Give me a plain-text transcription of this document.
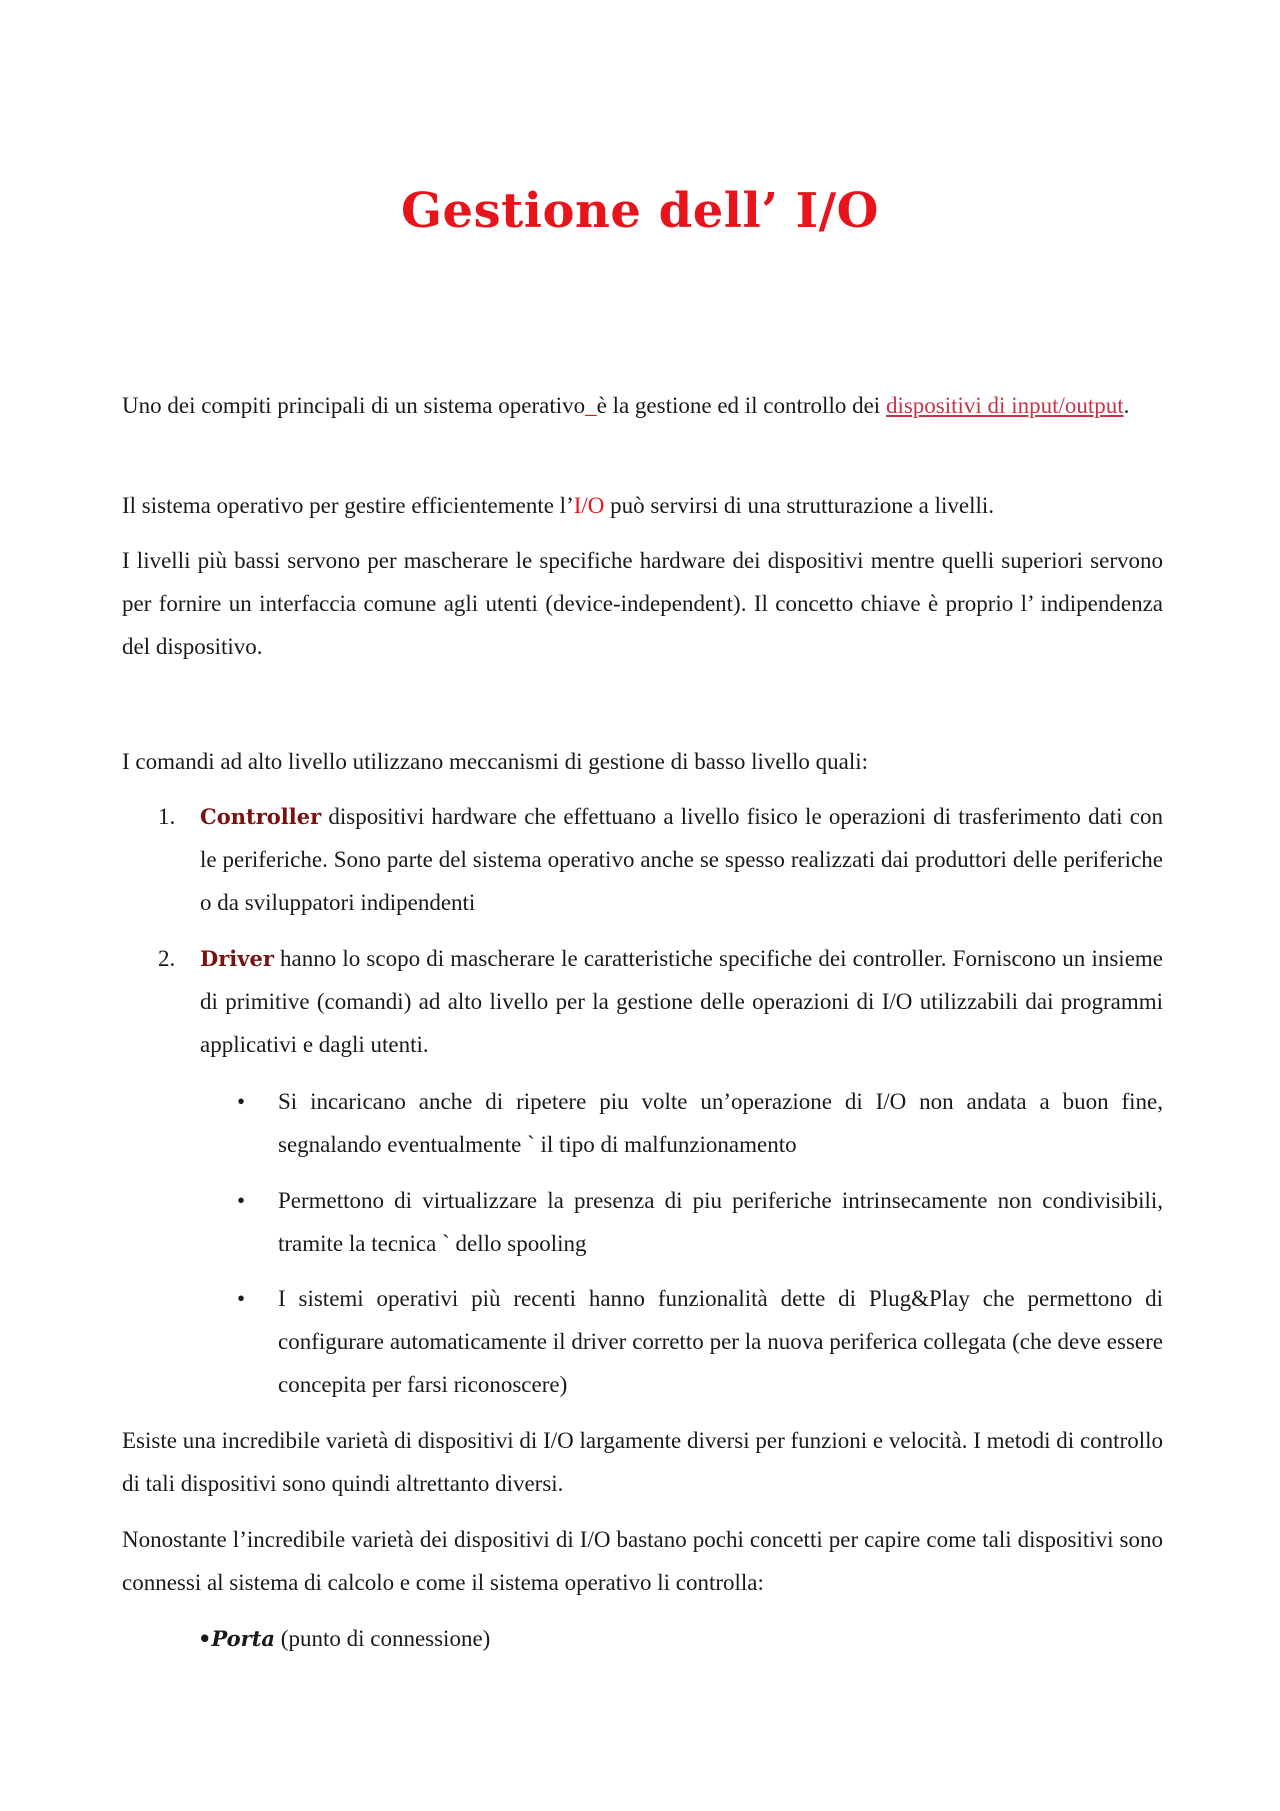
Gestione dell’ I/O

Uno dei compiti principali di un sistema operativo_è la gestione ed il controllo dei dispositivi di input/output.

Il sistema operativo per gestire efficientemente l’I/O può servirsi di una strutturazione a livelli.

I livelli più bassi servono per mascherare le specifiche hardware dei dispositivi mentre quelli superiori servono per fornire un interfaccia comune agli utenti (device-independent). Il concetto chiave è proprio l’ indipendenza del dispositivo.

I comandi ad alto livello utilizzano meccanismi di gestione di basso livello quali:

1. Controller dispositivi hardware che effettuano a livello fisico le operazioni di trasferimento dati con le periferiche. Sono parte del sistema operativo anche se spesso realizzati dai produttori delle periferiche o da sviluppatori indipendenti
2. Driver hanno lo scopo di mascherare le caratteristiche specifiche dei controller. Forniscono un insieme di primitive (comandi) ad alto livello per la gestione delle operazioni di I/O utilizzabili dai programmi applicativi e dagli utenti.
• Si incaricano anche di ripetere piu volte un’operazione di I/O non andata a buon fine, segnalando eventualmente ` il tipo di malfunzionamento
• Permettono di virtualizzare la presenza di piu periferiche intrinsecamente non condivisibili, tramite la tecnica ` dello spooling
• I sistemi operativi più recenti hanno funzionalità dette di Plug&Play che permettono di configurare automaticamente il driver corretto per la nuova periferica collegata (che deve essere concepita per farsi riconoscere)

Esiste una incredibile varietà di dispositivi di I/O largamente diversi per funzioni e velocità. I metodi di controllo di tali dispositivi sono quindi altrettanto diversi.

Nonostante l’incredibile varietà dei dispositivi di I/O bastano pochi concetti per capire come tali dispositivi sono connessi al sistema di calcolo e come il sistema operativo li controlla:

•Porta (punto di connessione)
